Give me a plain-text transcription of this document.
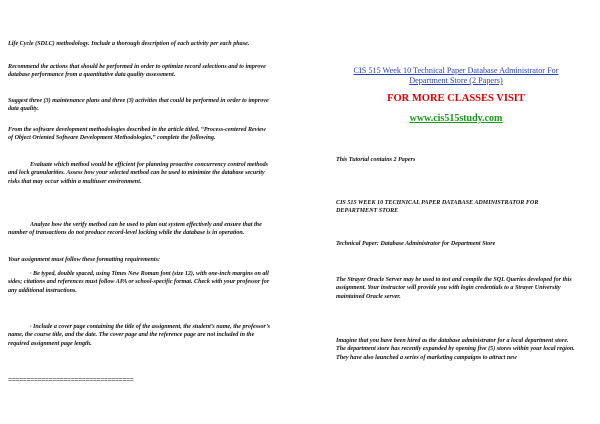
Life Cycle (SDLC) methodology. Include a thorough description of each activity per each phase.

Recommend the actions that should be performed in order to optimize record selections and to improve database performance from a quantitative data quality assessment.

Suggest three (3) maintenance plans and three (3) activities that could be performed in order to improve data quality.

From the software development methodologies described in the article titled, “Process-centered Review of Object Oriented Software Development Methodologies,” complete the following.

Evaluate which method would be efficient for planning proactive concurrency control methods and lock granularities. Assess how your selected method can be used to minimize the database security risks that may occur within a multiuser environment.

Analyze how the verify method can be used to plan out system effectively and ensure that the number of transactions do not produce record-level locking while the database is in operation.

Your assignment must follow these formatting requirements:

· Be typed, double spaced, using Times New Roman font (size 12), with one-inch margins on all sides; citations and references must follow APA or school-specific format. Check with your professor for any additional instructions.

· Include a cover page containing the title of the assignment, the student’s name, the professor’s name, the course title, and the date. The cover page and the reference page are not included in the required assignment page length.

==================================
CIS 515 Week 10 Technical Paper Database Administrator For Department Store (2 Papers)
FOR MORE CLASSES VISIT
www.cis515study.com

This Tutorial contains 2 Papers

CIS 515 WEEK 10 TECHNICAL PAPER DATABASE ADMINISTRATOR FOR DEPARTMENT STORE

Technical Paper: Database Administrator for Department Store

The Strayer Oracle Server may be used to test and compile the SQL Queries developed for this assignment. Your instructor will provide you with login credentials to a Strayer University maintained Oracle server.

Imagine that you have been hired as the database administrator for a local department store. The department store has recently expanded by opening five (5) stores within your local region. They have also launched a series of marketing campaigns to attract new
